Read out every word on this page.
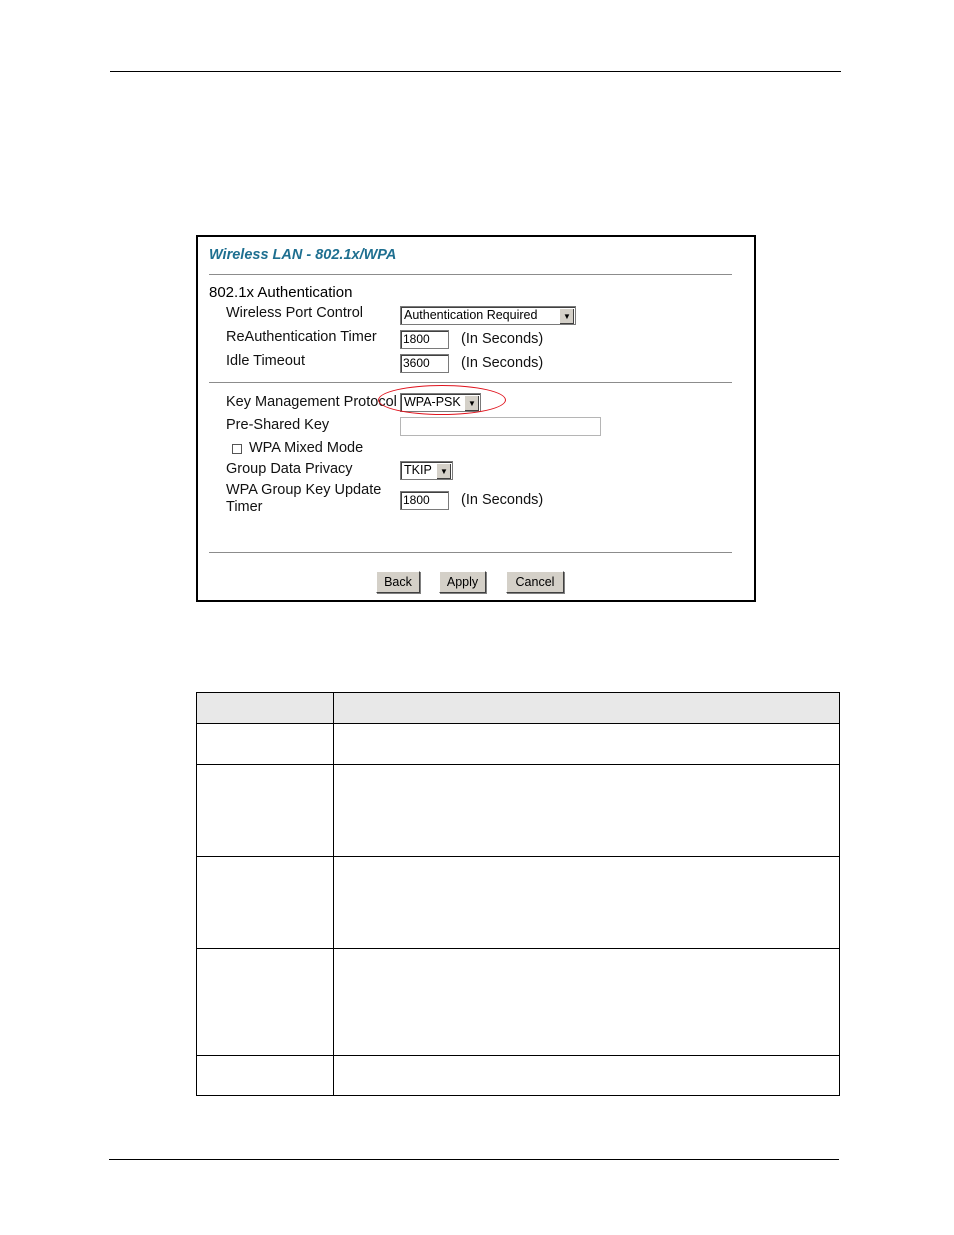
Wireless LAN - 802.1x/WPA
802.1x Authentication
Wireless Port Control	Authentication Required	▼
ReAuthentication Timer 1800	(In Seconds)
Idle Timeout	3600	(In Seconds)
Key Management Protocol WPA-PSK ▼
Pre-Shared Key
WPA Mixed Mode
Group Data Privacy	TKIP	▼
WPA Group Key Update
Timer	1800	(In Seconds)
Back	Apply	Cancel
